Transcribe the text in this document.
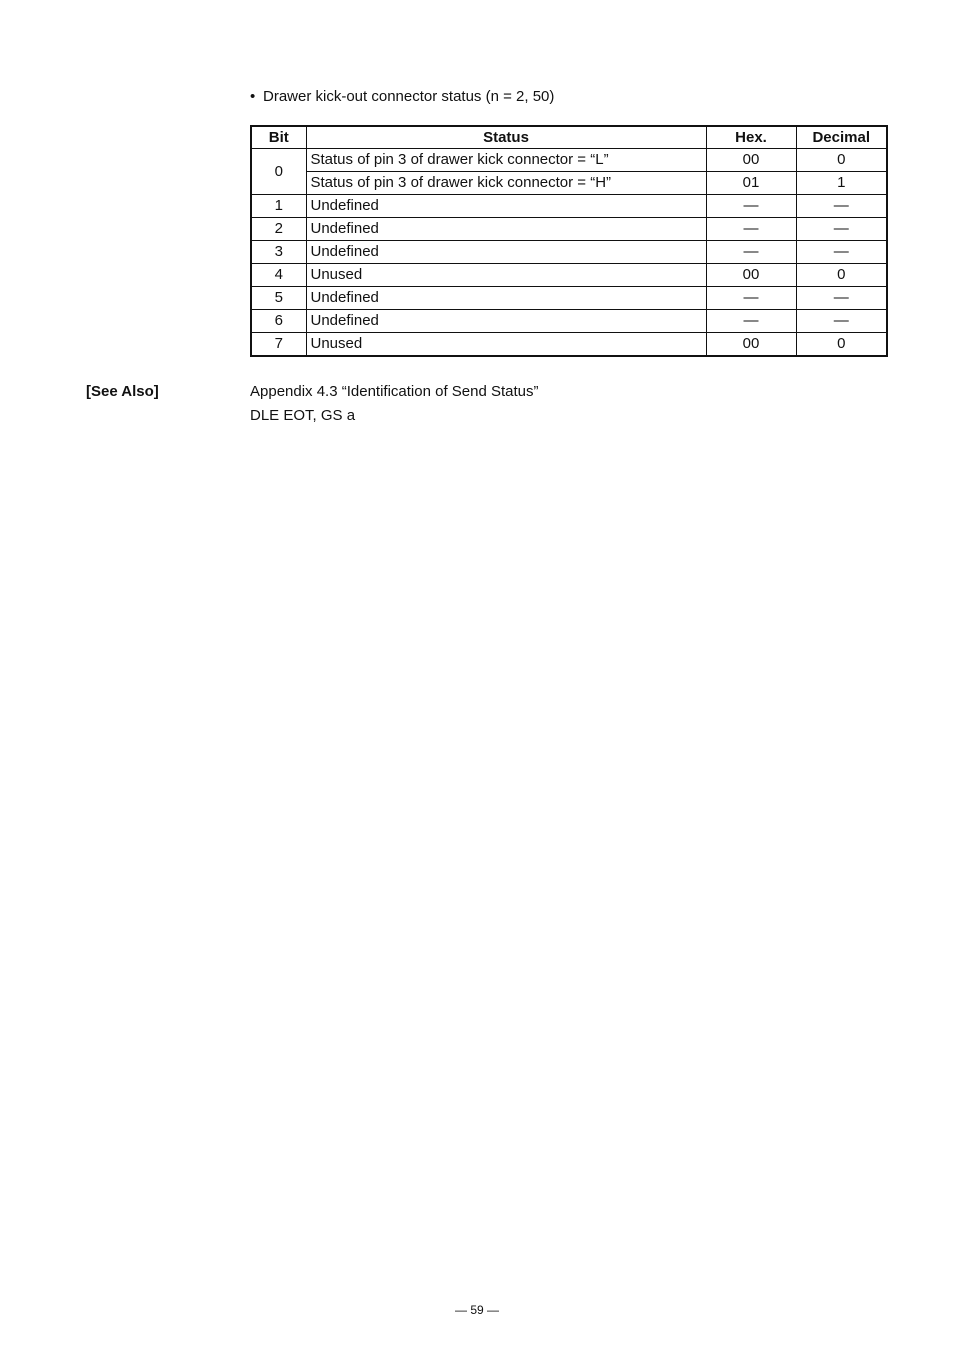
• Drawer kick-out connector status (n = 2, 50)
Bit	Status	Hex.	Decimal
0	Status of pin 3 of drawer kick connector = “L”	00	0
	Status of pin 3 of drawer kick connector = “H”	01	1
1	Undefined	—	—
2	Undefined	—	—
3	Undefined	—	—
4	Unused	00	0
5	Undefined	—	—
6	Undefined	—	—
7	Unused	00	0
[See Also]	Appendix 4.3 “Identification of Send Status”
DLE EOT, GS a
— 59 —
